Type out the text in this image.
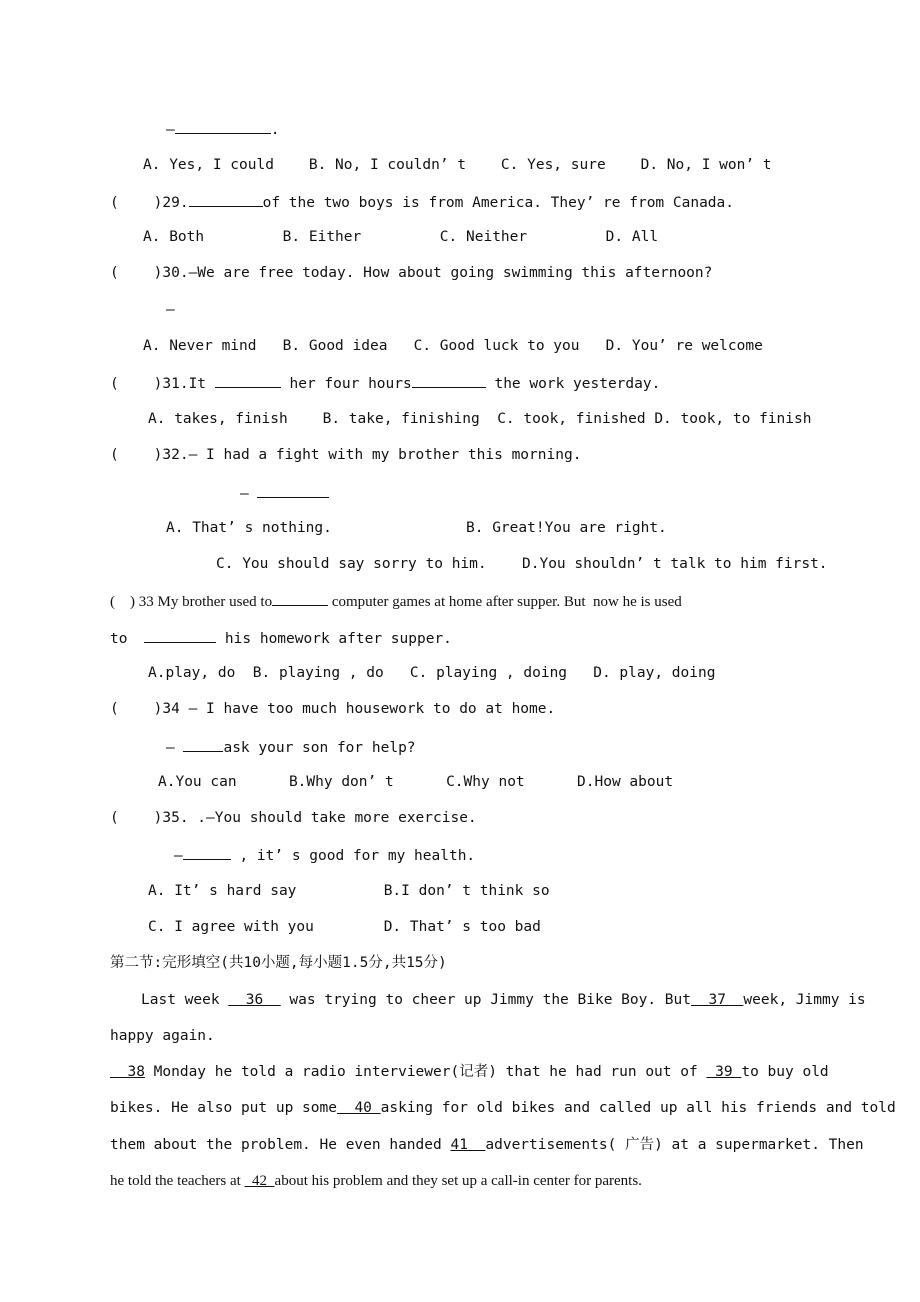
—	.
A. Yes, I could    B. No, I couldn’ t    C. Yes, sure    D. No, I won’ t
(    )29.	of the two boys is from America. They’ re from Canada.
A. Both         B. Either         C. Neither         D. All
(    )30.—We are free today. How about going swimming this afternoon?
—
A. Never mind   B. Good idea   C. Good luck to you   D. You’ re welcome
(    )31.It	her four hours	the work yesterday.
A. takes, finish    B. take, finishing  C. took, finished D. took, to finish
(    )32.— I had a fight with my brother this morning.
—
A. That’ s nothing.	B. Great!You are right.
C. You should say sorry to him.	D.You shouldn’ t talk to him first.
(    ) 33 My brother used to	computer games at home after supper. But  now he is used
to	his homework after supper.
A.play, do  B. playing , do   C. playing , doing   D. play, doing
(    )34 — I have too much housework to do at home.
—	ask your son for help?
A.You can      B.Why don’ t      C.Why not      D.How about
(    )35. .—You should take more exercise.
—	, it’ s good for my health.
A. It’ s hard say          B.I don’ t think so
C. I agree with you        D. That’ s too bad
第二节:完形填空(共10小题,每小题1.5分,共15分)
Last week   36   was trying to cheer up Jimmy the Bike Boy. But  37  week, Jimmy is
happy again.
38 Monday he told a radio interviewer(记者) that he had run out of  39 to buy old
bikes. He also put up some  40 asking for old bikes and called up all his friends and told
them about the problem. He even handed 41  advertisements( 广告) at a supermarket. Then
he told the teachers at   42  about his problem and they set up a call-in center for parents.
